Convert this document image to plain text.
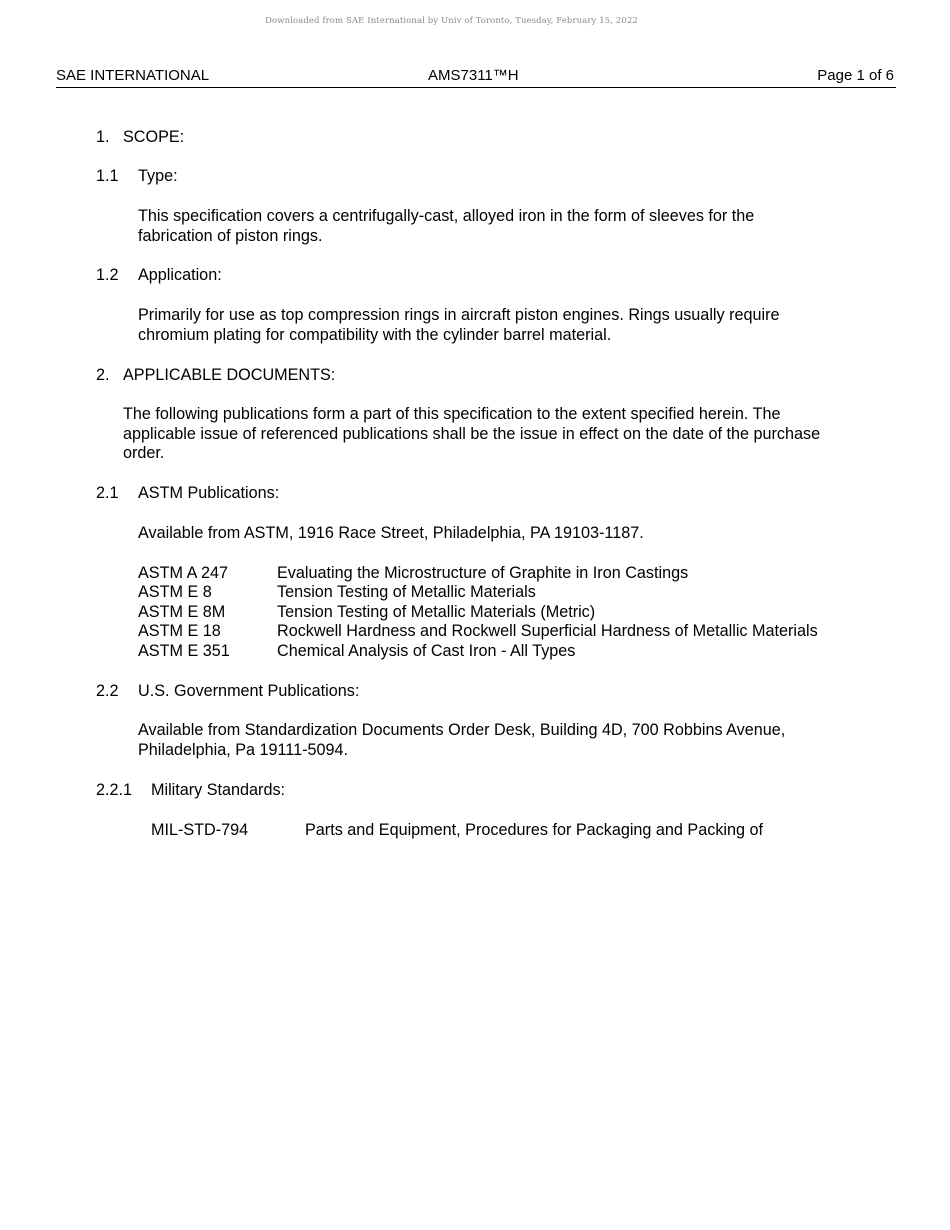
Downloaded from SAE International by Univ of Toronto, Tuesday, February 15, 2022
SAE INTERNATIONAL	AMS7311™H	Page 1 of 6
1. SCOPE:
1.1 Type:
This specification covers a centrifugally-cast, alloyed iron in the form of sleeves for the
fabrication of piston rings.
1.2 Application:
Primarily for use as top compression rings in aircraft piston engines. Rings usually require
chromium plating for compatibility with the cylinder barrel material.
2. APPLICABLE DOCUMENTS:
The following publications form a part of this specification to the extent specified herein. The
applicable issue of referenced publications shall be the issue in effect on the date of the purchase
order.
2.1 ASTM Publications:
Available from ASTM, 1916 Race Street, Philadelphia, PA 19103-1187.
ASTM A 247	Evaluating the Microstructure of Graphite in Iron Castings
ASTM E 8	Tension Testing of Metallic Materials
ASTM E 8M	Tension Testing of Metallic Materials (Metric)
ASTM E 18	Rockwell Hardness and Rockwell Superficial Hardness of Metallic Materials
ASTM E 351	Chemical Analysis of Cast Iron - All Types
2.2 U.S. Government Publications:
Available from Standardization Documents Order Desk, Building 4D, 700 Robbins Avenue,
Philadelphia, Pa 19111-5094.
2.2.1 Military Standards:
MIL-STD-794	Parts and Equipment, Procedures for Packaging and Packing of
